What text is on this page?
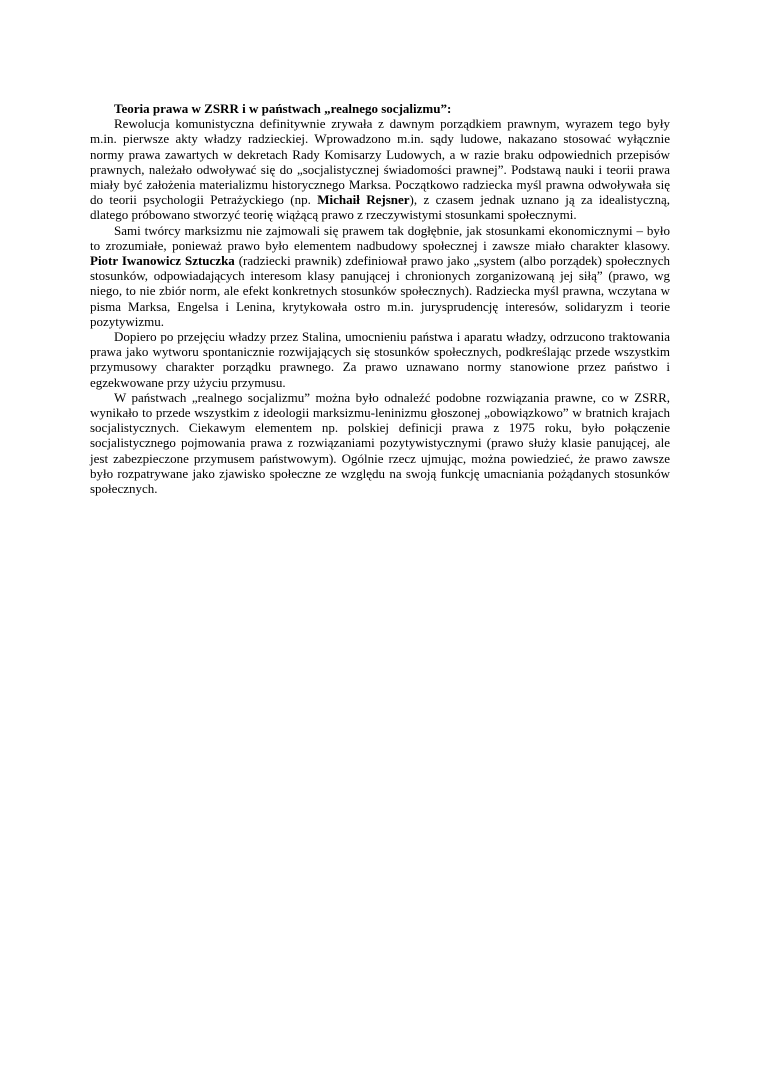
Teoria prawa w ZSRR i w państwach „realnego socjalizmu”:

Rewolucja komunistyczna definitywnie zrywała z dawnym porządkiem prawnym, wyrazem tego były m.in. pierwsze akty władzy radzieckiej. Wprowadzono m.in. sądy ludowe, nakazano stosować wyłącznie normy prawa zawartych w dekretach Rady Komisarzy Ludowych, a w razie braku odpowiednich przepisów prawnych, należało odwoływać się do „socjalistycznej świadomości prawnej”. Podstawą nauki i teorii prawa miały być założenia materializmu historycznego Marksa. Początkowo radziecka myśl prawna odwoływała się do teorii psychologii Petrażyckiego (np. Michaił Rejsner), z czasem jednak uznano ją za idealistyczną, dlatego próbowano stworzyć teorię wiążącą prawo z rzeczywistymi stosunkami społecznymi.

Sami twórcy marksizmu nie zajmowali się prawem tak dogłębnie, jak stosunkami ekonomicznymi – było to zrozumiałe, ponieważ prawo było elementem nadbudowy społecznej i zawsze miało charakter klasowy. Piotr Iwanowicz Sztuczka (radziecki prawnik) zdefiniował prawo jako „system (albo porządek) społecznych stosunków, odpowiadających interesom klasy panującej i chronionych zorganizowaną jej siłą” (prawo, wg niego, to nie zbiór norm, ale efekt konkretnych stosunków społecznych). Radziecka myśl prawna, wczytana w pisma Marksa, Engelsa i Lenina, krytykowała ostro m.in. jurysprudencję interesów, solidaryzm i teorie pozytywizmu.

Dopiero po przejęciu władzy przez Stalina, umocnieniu państwa i aparatu władzy, odrzucono traktowania prawa jako wytworu spontanicznie rozwijających się stosunków społecznych, podkreślając przede wszystkim przymusowy charakter porządku prawnego. Za prawo uznawano normy stanowione przez państwo i egzekwowane przy użyciu przymusu.

W państwach „realnego socjalizmu” można było odnaleźć podobne rozwiązania prawne, co w ZSRR, wynikało to przede wszystkim z ideologii marksizmu-leninizmu głoszonej „obowiązkowo” w bratnich krajach socjalistycznych. Ciekawym elementem np. polskiej definicji prawa z 1975 roku, było połączenie socjalistycznego pojmowania prawa z rozwiązaniami pozytywistycznymi (prawo służy klasie panującej, ale jest zabezpieczone przymusem państwowym). Ogólnie rzecz ujmując, można powiedzieć, że prawo zawsze było rozpatrywane jako zjawisko społeczne ze względu na swoją funkcję umacniania pożądanych stosunków społecznych.
